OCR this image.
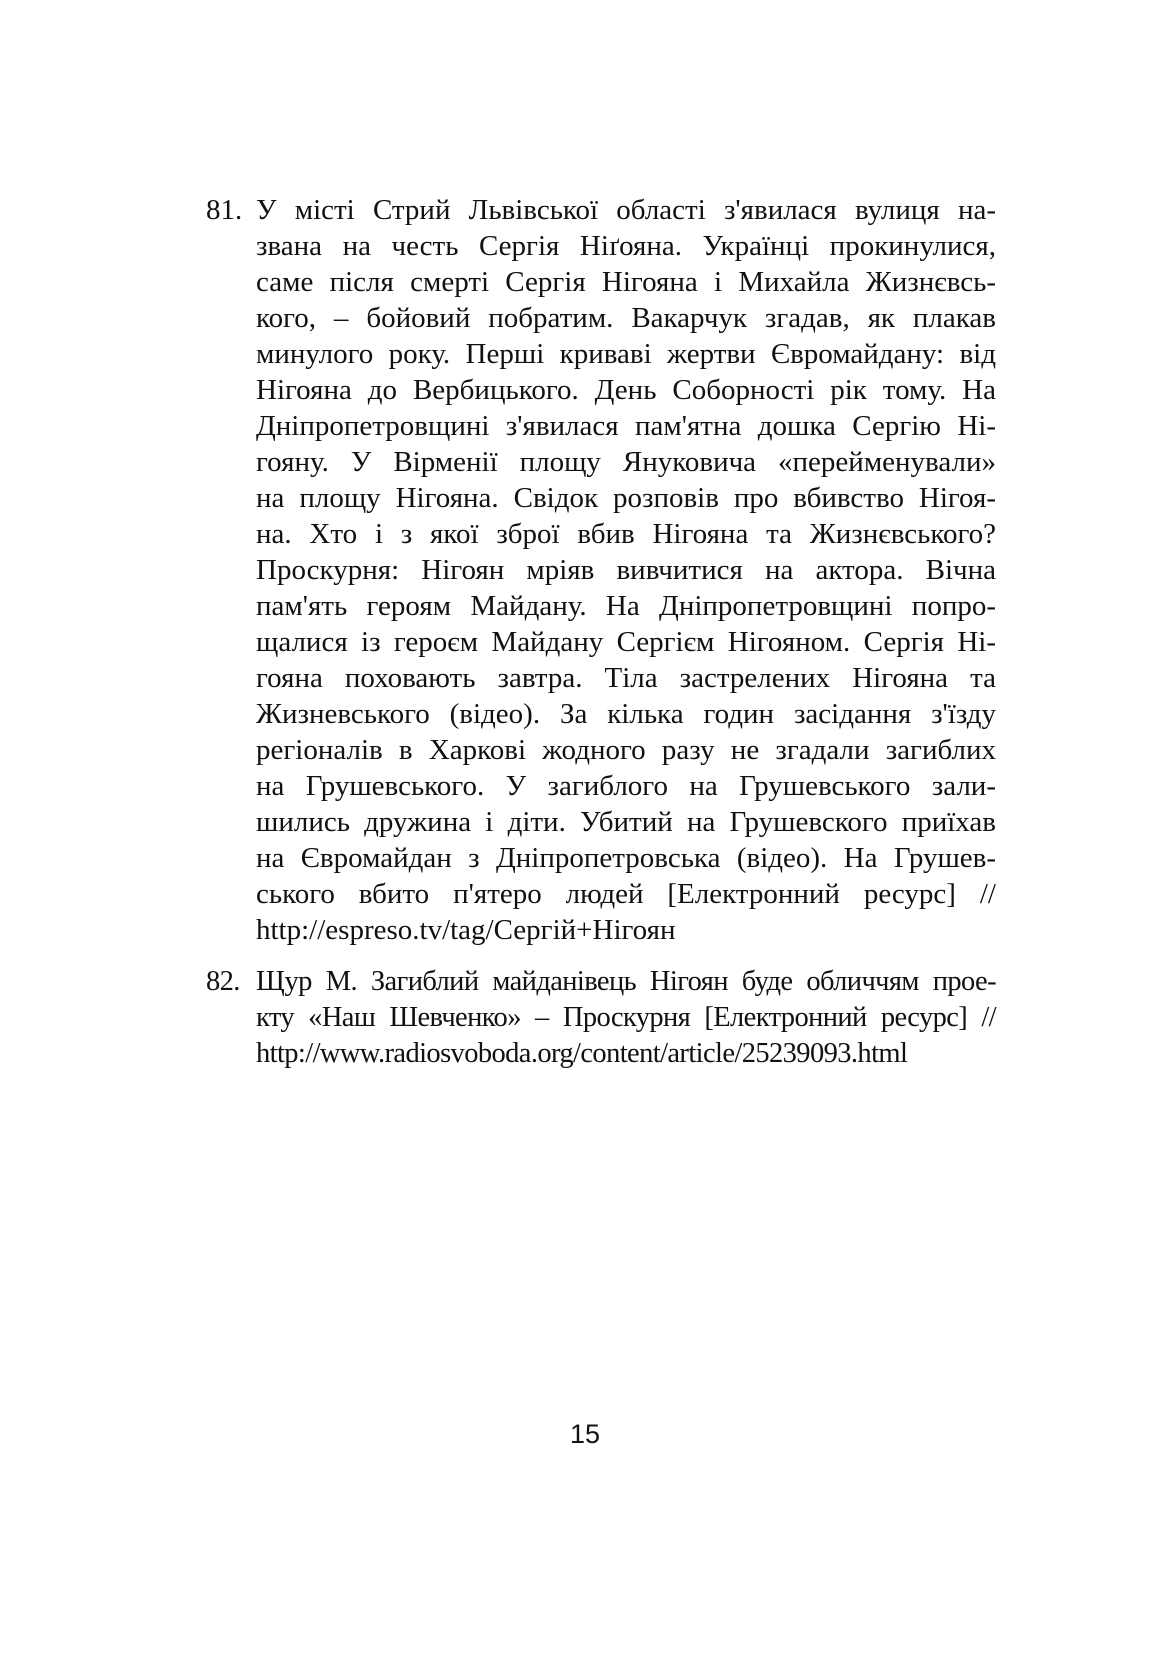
81. У місті Стрий Львівської області з'явилася вулиця на-
звана на честь Сергія Ніґояна. Українці прокинулися,
саме після смерті Сергія Нігояна і Михайла Жизнєвсь-
кого, – бойовий побратим. Вакарчук згадав, як плакав
минулого року. Перші криваві жертви Євромайдану: від
Нігояна до Вербицького. День Соборності рік тому. На
Дніпропетровщині з'явилася пам'ятна дошка Сергію Ні-
гояну. У Вірменії площу Януковича «перейменували»
на площу Нігояна. Свідок розповів про вбивство Нігоя-
на. Хто і з якої зброї вбив Нігояна та Жизнєвського?
Проскурня: Нігоян мріяв вивчитися на актора. Вічна
пам'ять героям Майдану. На Дніпропетровщині попро-
щалися із героєм Майдану Сергієм Нігояном. Сергія Ні-
гояна поховають завтра. Тіла застрелених Нігояна та
Жизневського (відео). За кілька годин засідання з'їзду
регіоналів в Харкові жодного разу не згадали загиблих
на Грушевського. У загиблого на Грушевського зали-
шились дружина і діти. Убитий на Грушевского приїхав
на Євромайдан з Дніпропетровська (відео). На Грушев-
ського вбито п'ятеро людей [Електронний ресурс] //
http://espreso.tv/tag/Сергій+Нігоян
82. Щур М. Загиблий майданівець Нігоян буде обличчям прое-
кту «Наш Шевченко» – Проскурня [Електронний ресурс] //
http://www.radiosvoboda.org/content/article/25239093.html
15
